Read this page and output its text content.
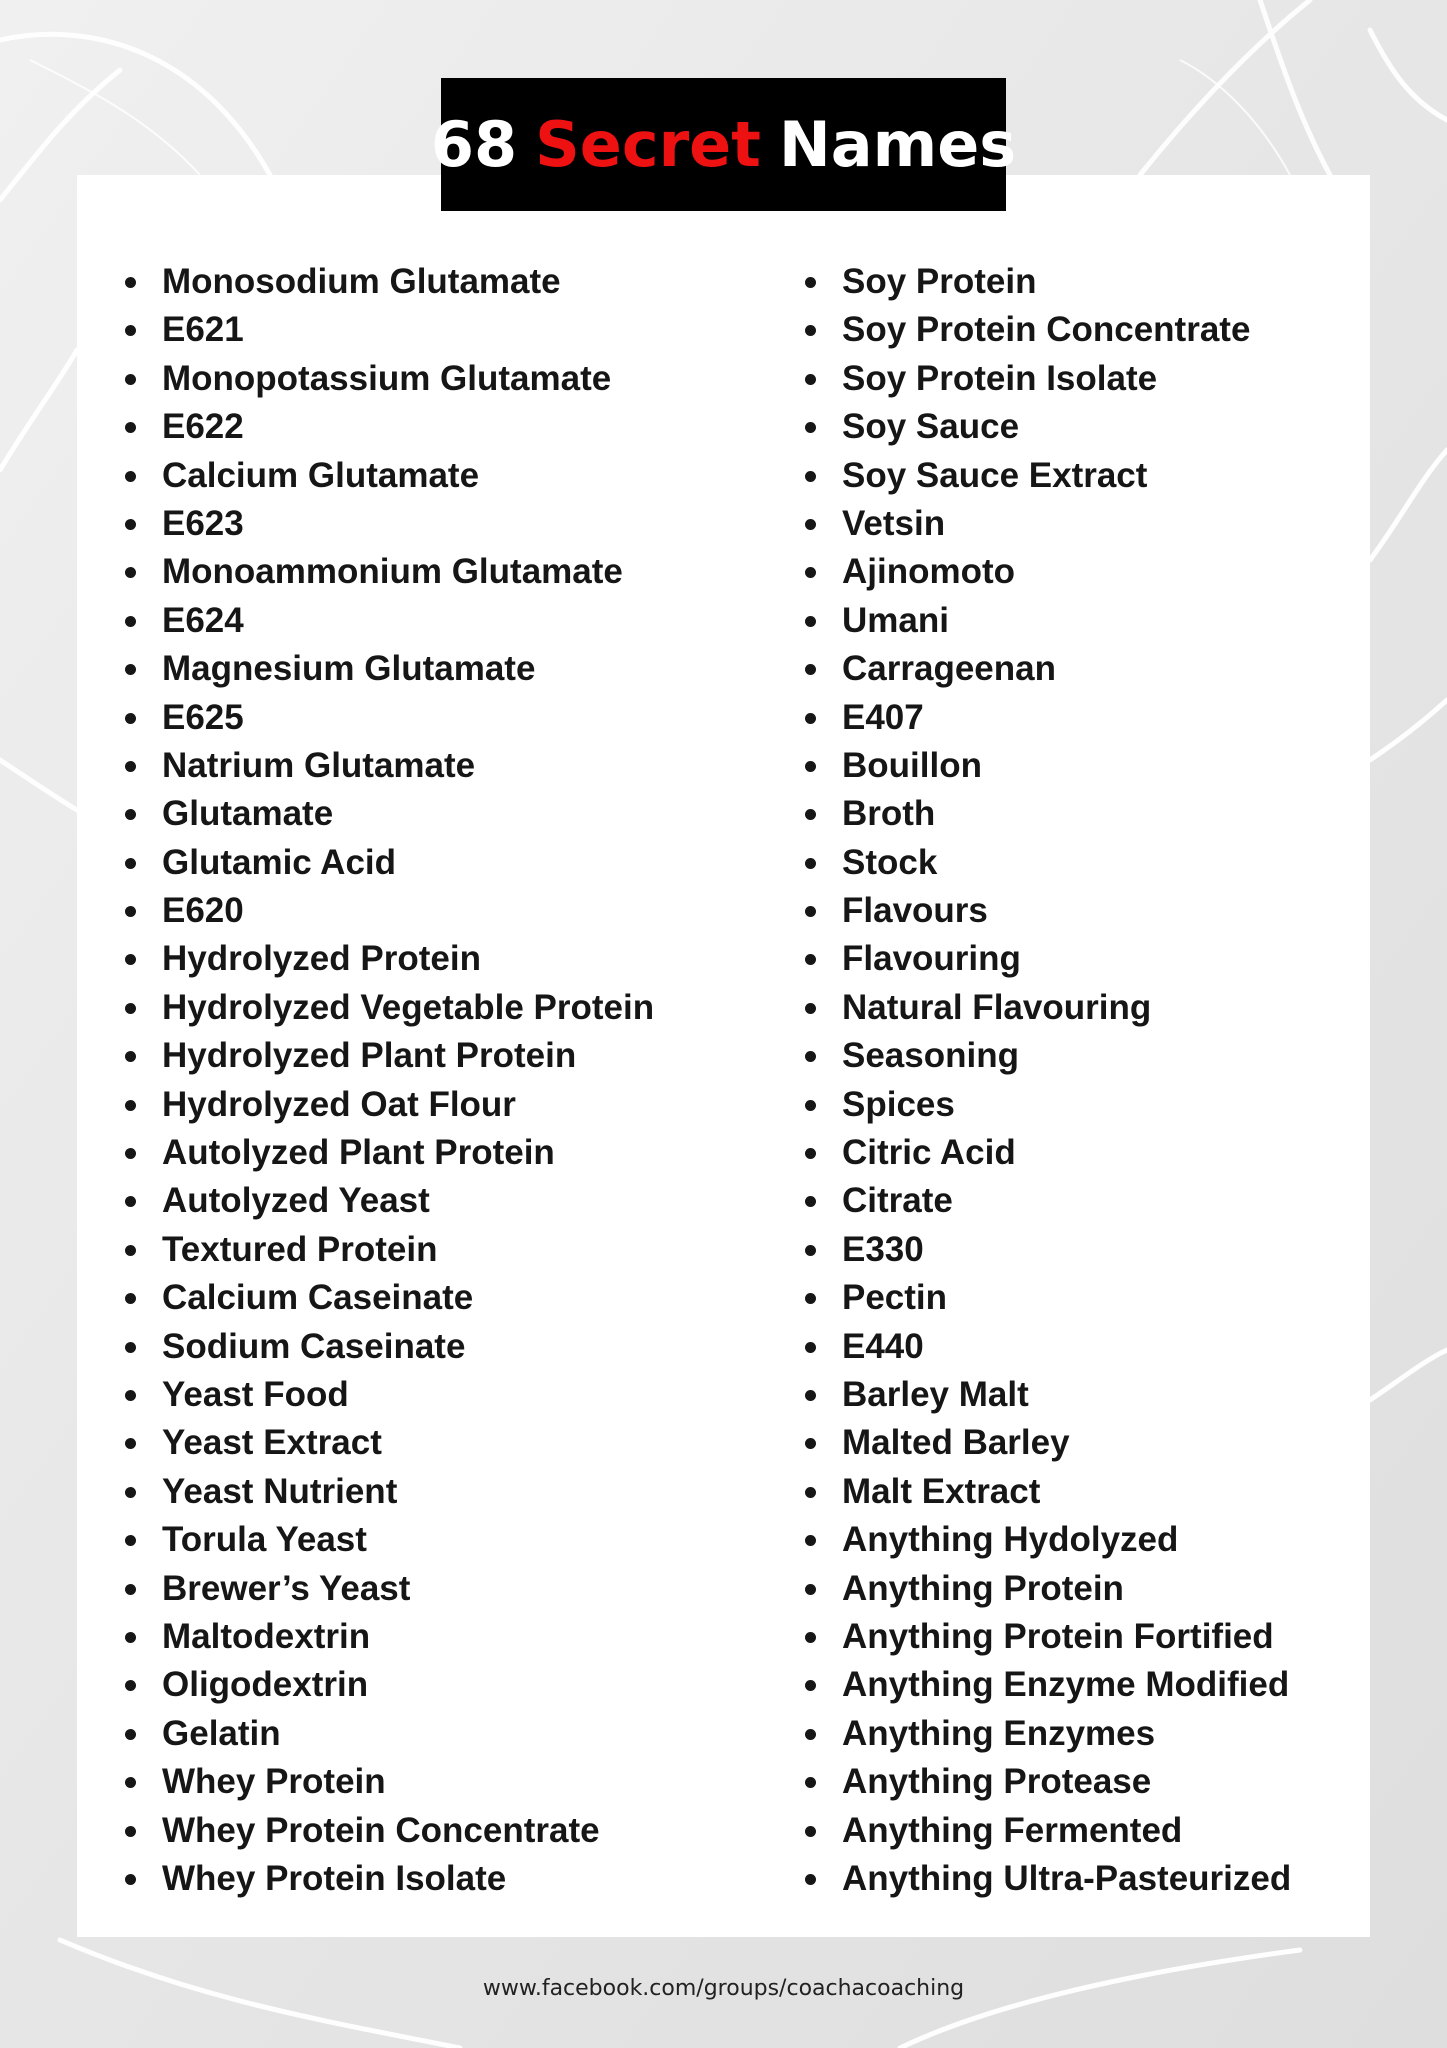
68 Secret Names
Monosodium Glutamate
E621
Monopotassium Glutamate
E622
Calcium Glutamate
E623
Monoammonium Glutamate
E624
Magnesium Glutamate
E625
Natrium Glutamate
Glutamate
Glutamic Acid
E620
Hydrolyzed Protein
Hydrolyzed Vegetable Protein
Hydrolyzed Plant Protein
Hydrolyzed Oat Flour
Autolyzed Plant Protein
Autolyzed Yeast
Textured Protein
Calcium Caseinate
Sodium Caseinate
Yeast Food
Yeast Extract
Yeast Nutrient
Torula Yeast
Brewer’s Yeast
Maltodextrin
Oligodextrin
Gelatin
Whey Protein
Whey Protein Concentrate
Whey Protein Isolate
Soy Protein
Soy Protein Concentrate
Soy Protein Isolate
Soy Sauce
Soy Sauce Extract
Vetsin
Ajinomoto
Umani
Carrageenan
E407
Bouillon
Broth
Stock
Flavours
Flavouring
Natural Flavouring
Seasoning
Spices
Citric Acid
Citrate
E330
Pectin
E440
Barley Malt
Malted Barley
Malt Extract
Anything Hydolyzed
Anything Protein
Anything Protein Fortified
Anything Enzyme Modified
Anything Enzymes
Anything Protease
Anything Fermented
Anything Ultra-Pasteurized
www.facebook.com/groups/coachacoaching
